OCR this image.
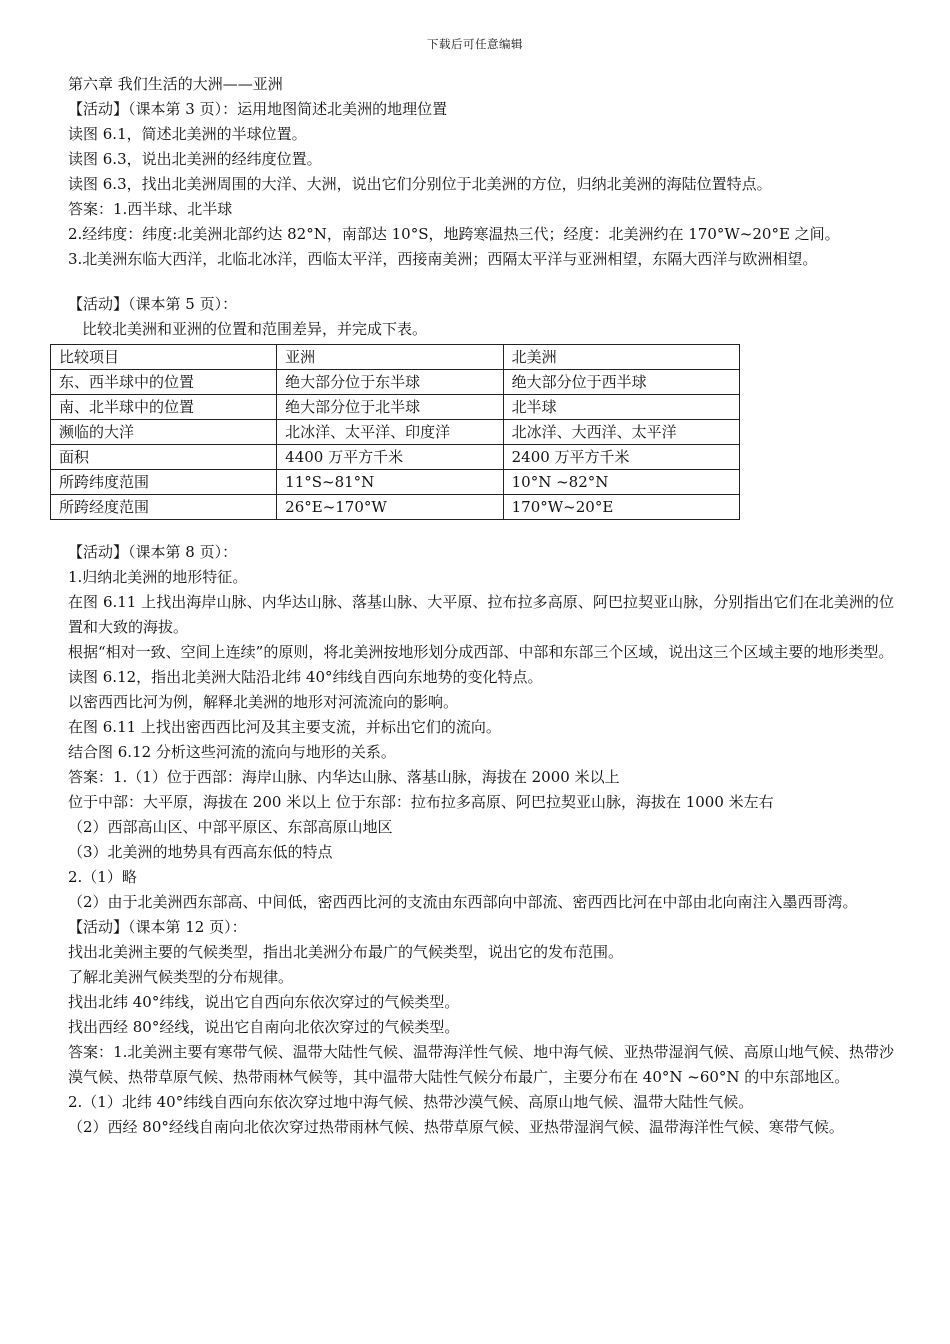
下载后可任意编辑
第六章 我们生活的大洲——亚洲
【活动】（课本第 3 页）：运用地图简述北美洲的地理位置
读图 6.1，简述北美洲的半球位置。
读图 6.3，说出北美洲的经纬度位置。
读图 6.3，找出北美洲周围的大洋、大洲，说出它们分别位于北美洲的方位，归纳北美洲的海陆位置特点。
答案：1.西半球、北半球
2.经纬度：纬度:北美洲北部约达 82°N，南部达 10°S，地跨寒温热三代；经度：北美洲约在 170°W~20°E 之间。
3.北美洲东临大西洋，北临北冰洋，西临太平洋，西接南美洲；西隔太平洋与亚洲相望，东隔大西洋与欧洲相望。
【活动】（课本第 5 页）：
比较北美洲和亚洲的位置和范围差异，并完成下表。
比较项目	亚洲	北美洲
东、西半球中的位置	绝大部分位于东半球	绝大部分位于西半球
南、北半球中的位置	绝大部分位于北半球	北半球
濒临的大洋	北冰洋、太平洋、印度洋	北冰洋、大西洋、太平洋
面积	4400 万平方千米	2400 万平方千米
所跨纬度范围	11°S~81°N	10°N ~82°N
所跨经度范围	26°E~170°W	170°W~20°E
【活动】（课本第 8 页）：
1.归纳北美洲的地形特征。
在图 6.11 上找出海岸山脉、内华达山脉、落基山脉、大平原、拉布拉多高原、阿巴拉契亚山脉，分别指出它们在北美洲的位置和大致的海拔。
根据“相对一致、空间上连续”的原则，将北美洲按地形划分成西部、中部和东部三个区域，说出这三个区域主要的地形类型。
读图 6.12，指出北美洲大陆沿北纬 40°纬线自西向东地势的变化特点。
以密西西比河为例，解释北美洲的地形对河流流向的影响。
在图 6.11 上找出密西西比河及其主要支流，并标出它们的流向。
结合图 6.12 分析这些河流的流向与地形的关系。
答案：1.（1）位于西部：海岸山脉、内华达山脉、落基山脉，海拔在 2000 米以上
位于中部：大平原，海拔在 200 米以上 位于东部：拉布拉多高原、阿巴拉契亚山脉，海拔在 1000 米左右
（2）西部高山区、中部平原区、东部高原山地区
（3）北美洲的地势具有西高东低的特点
2.（1）略
（2）由于北美洲西东部高、中间低，密西西比河的支流由东西部向中部流、密西西比河在中部由北向南注入墨西哥湾。
【活动】（课本第 12 页）：
找出北美洲主要的气候类型，指出北美洲分布最广的气候类型，说出它的发布范围。
了解北美洲气候类型的分布规律。
找出北纬 40°纬线，说出它自西向东依次穿过的气候类型。
找出西经 80°经线，说出它自南向北依次穿过的气候类型。
答案：1.北美洲主要有寒带气候、温带大陆性气候、温带海洋性气候、地中海气候、亚热带湿润气候、高原山地气候、热带沙漠气候、热带草原气候、热带雨林气候等，其中温带大陆性气候分布最广，主要分布在 40°N ~60°N 的中东部地区。
2.（1）北纬 40°纬线自西向东依次穿过地中海气候、热带沙漠气候、高原山地气候、温带大陆性气候。
（2）西经 80°经线自南向北依次穿过热带雨林气候、热带草原气候、亚热带湿润气候、温带海洋性气候、寒带气候。
